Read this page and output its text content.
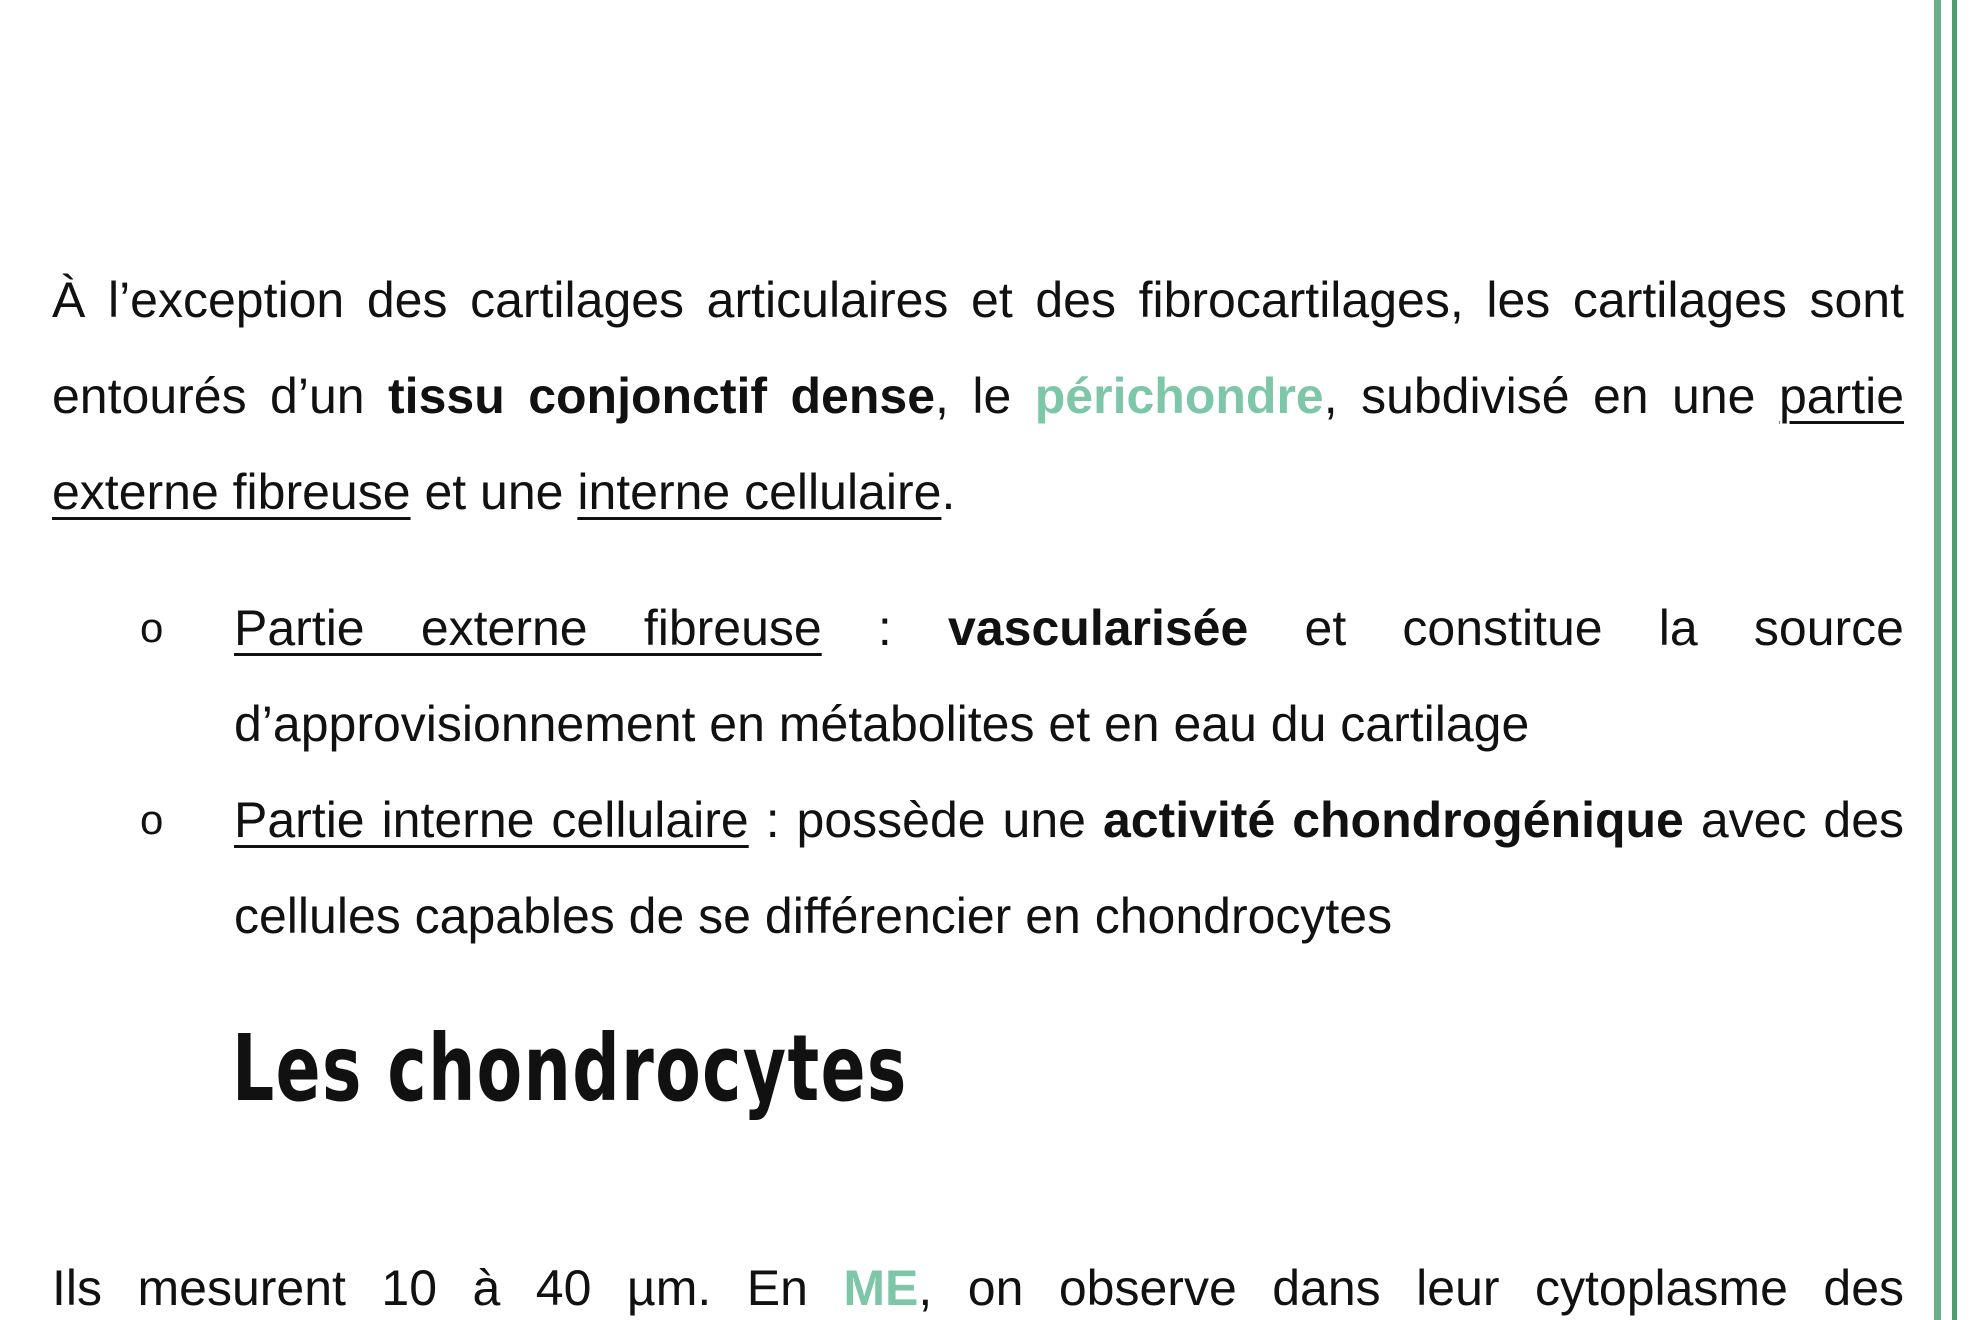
À l’exception des cartilages articulaires et des fibrocartilages, les cartilages sont entourés d’un tissu conjonctif dense, le périchondre, subdivisé en une partie externe fibreuse et une interne cellulaire.
o Partie externe fibreuse : vascularisée et constitue la source d’approvisionnement en métabolites et en eau du cartilage
o Partie interne cellulaire : possède une activité chondrogénique avec des cellules capables de se différencier en chondrocytes
Les chondrocytes
Ils mesurent 10 à 40 µm. En ME, on observe dans leur cytoplasme des
